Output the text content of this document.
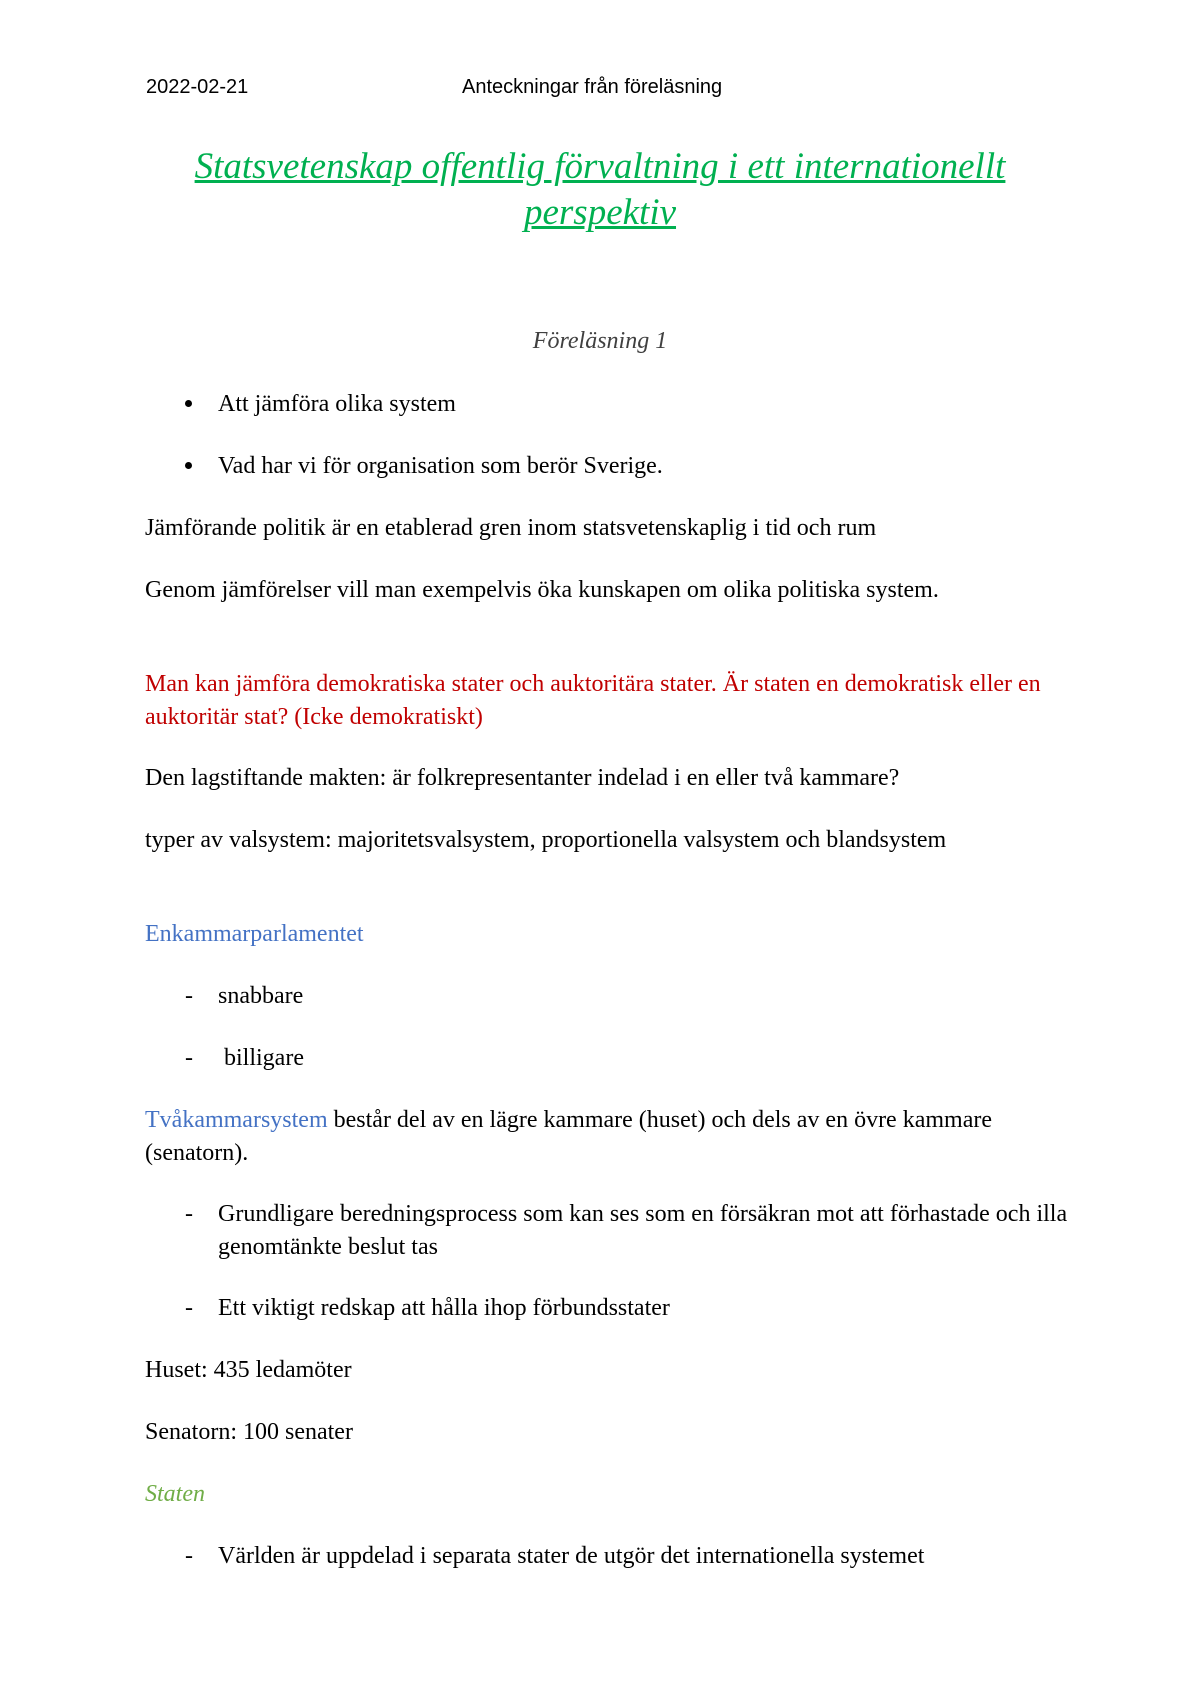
2022-02-21	Anteckningar från föreläsning
Statsvetenskap offentlig förvaltning i ett internationellt perspektiv
Föreläsning 1
Att jämföra olika system
Vad har vi för organisation som berör Sverige.
Jämförande politik är en etablerad gren inom statsvetenskaplig i tid och rum
Genom jämförelser vill man exempelvis öka kunskapen om olika politiska system.
Man kan jämföra demokratiska stater och auktoritära stater. Är staten en demokratisk eller en auktoritär stat? (Icke demokratiskt)
Den lagstiftande makten: är folkrepresentanter indelad i en eller två kammare?
typer av valsystem: majoritetsvalsystem, proportionella valsystem och blandsystem
Enkammarparlamentet
- snabbare
- billigare
Tvåkammarsystem består del av en lägre kammare (huset) och dels av en övre kammare (senatorn).
- Grundligare beredningsprocess som kan ses som en försäkran mot att förhastade och illa genomtänkte beslut tas
- Ett viktigt redskap att hålla ihop förbundsstater
Huset: 435 ledamöter
Senatorn: 100 senater
Staten
- Världen är uppdelad i separata stater de utgör det internationella systemet
